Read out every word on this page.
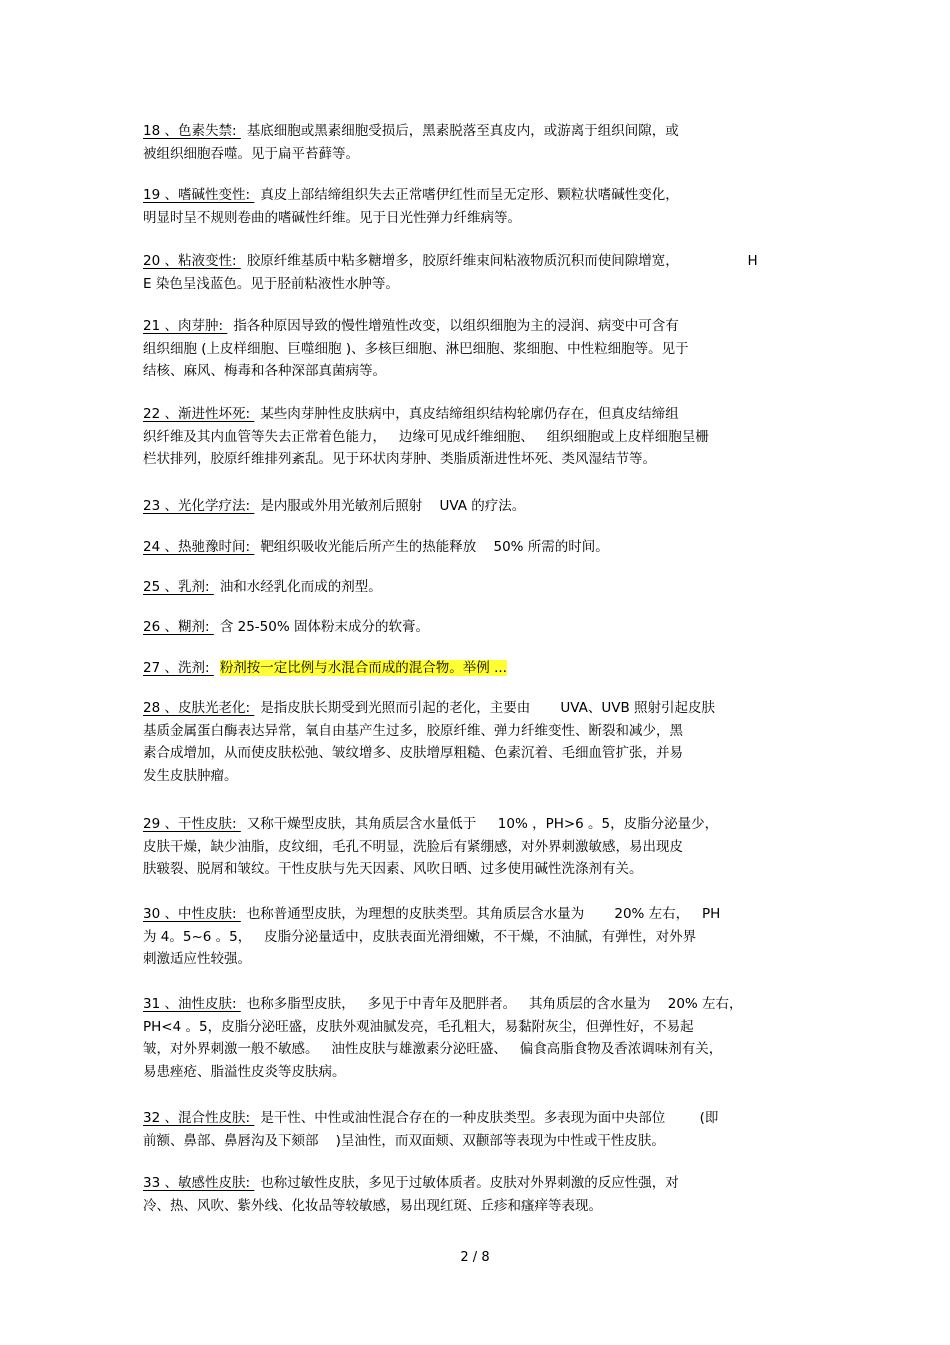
2 / 8
18 、色素失禁: 基底细胞或黑素细胞受损后，黑素脱落至真皮内，或游离于组织间隙，或
被组织细胞吞噬。见于扁平苔藓等。
19 、嗜碱性变性: 真皮上部结缔组织失去正常嗜伊红性而呈无定形、颗粒状嗜碱性变化，
明显时呈不规则卷曲的嗜碱性纤维。见于日光性弹力纤维病等。
20 、粘液变性: 胶原纤维基质中粘多糖增多，胶原纤维束间粘液物质沉积而使间隙增宽，                H
E 染色呈浅蓝色。见于胫前粘液性水肿等。
21 、肉芽肿: 指各种原因导致的慢性增殖性改变，以组织细胞为主的浸润、病变中可含有
组织细胞 (上皮样细胞、巨噬细胞 )、多核巨细胞、淋巴细胞、浆细胞、中性粒细胞等。见于
结核、麻风、梅毒和各种深部真菌病等。
22 、渐进性坏死: 某些肉芽肿性皮肤病中，真皮结缔组织结构轮廓仍存在，但真皮结缔组
织纤维及其内血管等失去正常着色能力，   边缘可见成纤维细胞、   组织细胞或上皮样细胞呈栅
栏状排列，胶原纤维排列紊乱。见于环状肉芽肿、类脂质渐进性坏死、类风湿结节等。
23 、光化学疗法: 是内服或外用光敏剂后照射    UVA 的疗法。
24 、热驰豫时间: 靶组织吸收光能后所产生的热能释放    50% 所需的时间。
25 、乳剂: 油和水经乳化而成的剂型。
26 、糊剂: 含 25-50% 固体粉末成分的软膏。
27 、洗剂: 粉剂按一定比例与水混合而成的混合物。举例 ...
28 、皮肤光老化: 是指皮肤长期受到光照而引起的老化，主要由       UVA、UVB 照射引起皮肤
基质金属蛋白酶表达异常，氧自由基产生过多，胶原纤维、弹力纤维变性、断裂和减少，黑
素合成增加，从而使皮肤松弛、皱纹增多、皮肤增厚粗糙、色素沉着、毛细血管扩张，并易
发生皮肤肿瘤。
29 、干性皮肤: 又称干燥型皮肤，其角质层含水量低于     10% ，PH>6 。5，皮脂分泌量少，
皮肤干燥，缺少油脂，皮纹细，毛孔不明显，洗脸后有紧绷感，对外界刺激敏感，易出现皮
肤皲裂、脱屑和皱纹。干性皮肤与先天因素、风吹日晒、过多使用碱性洗涤剂有关。
30 、中性皮肤: 也称普通型皮肤，为理想的皮肤类型。其角质层含水量为       20% 左右，   PH
为 4。5~6 。5，   皮脂分泌量适中，皮肤表面光滑细嫩，不干燥，不油腻，有弹性，对外界
刺激适应性较强。
31 、油性皮肤: 也称多脂型皮肤，   多见于中青年及肥胖者。   其角质层的含水量为    20% 左右，
PH<4 。5，皮脂分泌旺盛，皮肤外观油腻发亮，毛孔粗大，易黏附灰尘，但弹性好，不易起
皱，对外界刺激一般不敏感。   油性皮肤与雄激素分泌旺盛、   偏食高脂食物及香浓调味剂有关，
易患痤疮、脂溢性皮炎等皮肤病。
32 、混合性皮肤: 是干性、中性或油性混合存在的一种皮肤类型。多表现为面中央部位        (即
前额、鼻部、鼻唇沟及下颏部    )呈油性，而双面颊、双颧部等表现为中性或干性皮肤。
33 、敏感性皮肤: 也称过敏性皮肤，多见于过敏体质者。皮肤对外界刺激的反应性强，对
冷、热、风吹、紫外线、化妆品等较敏感，易出现红斑、丘疹和瘙痒等表现。
